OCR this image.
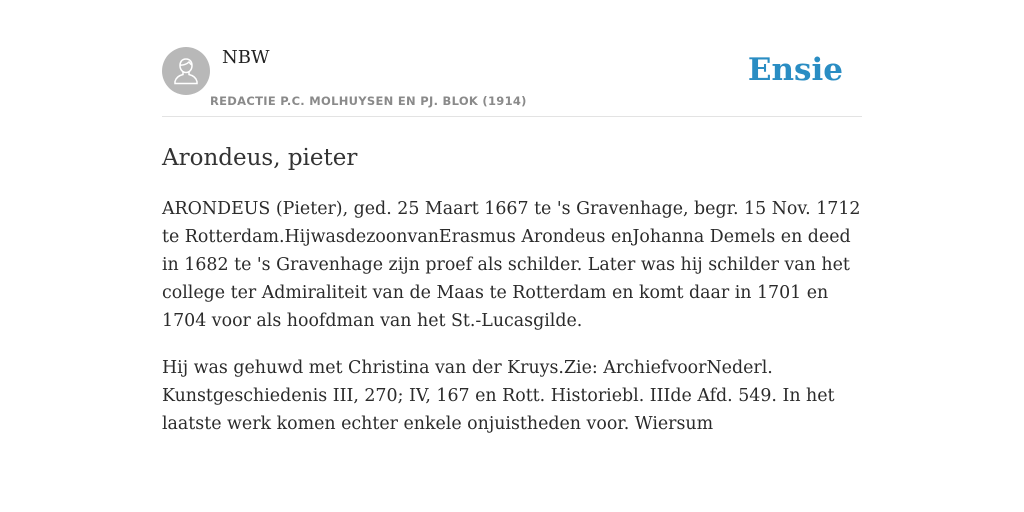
NBW
REDACTIE P.C. MOLHUYSEN EN PJ. BLOK (1914)
Ensie
Arondeus, pieter

ARONDEUS (Pieter), ged. 25 Maart 1667 te 's Gravenhage, begr. 15 Nov. 1712 te Rotterdam.HijwasdezoonvanErasmus Arondeus enJohanna Demels en deed in 1682 te 's Gravenhage zijn proef als schilder. Later was hij schilder van het college ter Admiraliteit van de Maas te Rotterdam en komt daar in 1701 en 1704 voor als hoofdman van het St.-Lucasgilde.

Hij was gehuwd met Christina van der Kruys.Zie: ArchiefvoorNederl. Kunstgeschiedenis III, 270; IV, 167 en Rott. Historiebl. IIIde Afd. 549. In het laatste werk komen echter enkele onjuistheden voor. Wiersum
